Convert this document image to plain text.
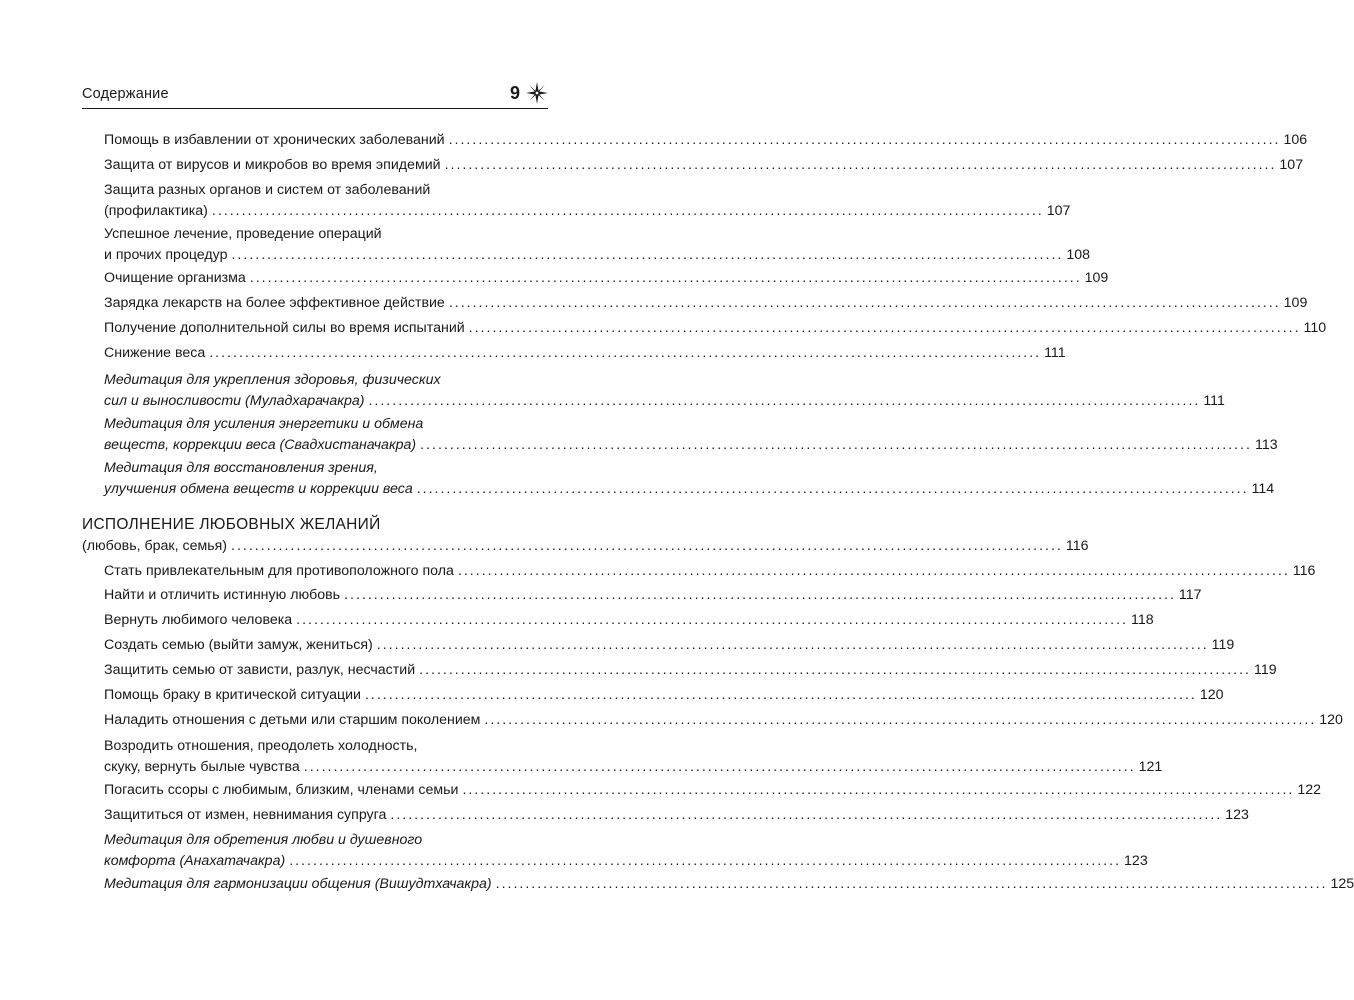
Содержание	9
Помощь в избавлении от хронических заболеваний ............................................................................................................................................ 106
Защита от вирусов и микробов во время эпидемий ............................................................................................................................................ 107
Защита разных органов и систем от заболеваний
(профилактика) ............................................................................................................................................ 107
Успешное лечение, проведение операций
и прочих процедур ............................................................................................................................................ 108
Очищение организма ............................................................................................................................................ 109
Зарядка лекарств на более эффективное действие ............................................................................................................................................ 109
Получение дополнительной силы во время испытаний ............................................................................................................................................ 110
Снижение веса ............................................................................................................................................ 111
Медитация для укрепления здоровья, физических
сил и выносливости (Муладхарачакра) ............................................................................................................................................ 111
Медитация для усиления энергетики и обмена
веществ, коррекции веса (Свадхистаначакра) ............................................................................................................................................ 113
Медитация для восстановления зрения,
улучшения обмена веществ и коррекции веса ............................................................................................................................................ 114
(любовь, брак, семья) ............................................................................................................................................ 116
Стать привлекательным для противоположного пола ............................................................................................................................................ 116
Найти и отличить истинную любовь ............................................................................................................................................ 117
Вернуть любимого человека ............................................................................................................................................ 118
Создать семью (выйти замуж, жениться) ............................................................................................................................................ 119
Защитить семью от зависти, разлук, несчастий ............................................................................................................................................ 119
Помощь браку в критической ситуации ............................................................................................................................................ 120
Наладить отношения с детьми или старшим поколением ............................................................................................................................................ 120
Возродить отношения, преодолеть холодность,
скуку, вернуть былые чувства ............................................................................................................................................ 121
Погасить ссоры с любимым, близким, членами семьи ............................................................................................................................................ 122
Защититься от измен, невнимания супруга ............................................................................................................................................ 123
Медитация для обретения любви и душевного
комфорта (Анахатачакра) ............................................................................................................................................ 123
Медитация для гармонизации общения (Вишудтхачакра) ............................................................................................................................................ 125
ИСПОЛНЕНИЕ ЛЮБОВНЫХ ЖЕЛАНИЙ
